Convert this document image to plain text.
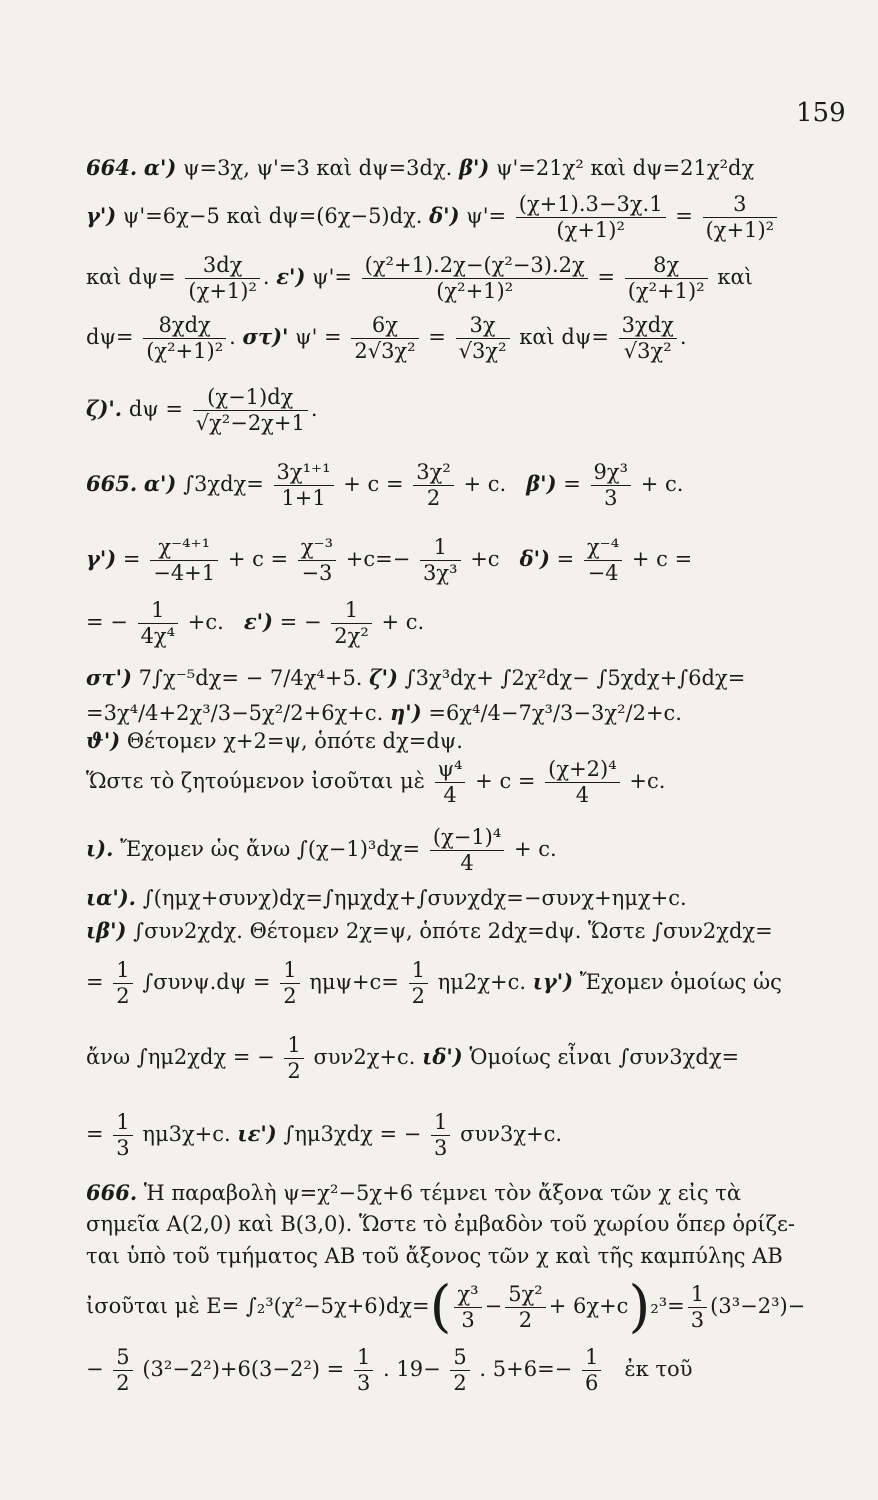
159
664. α') ψ=3χ, ψ'=3 καὶ dψ=3dχ. β') ψ'=21χ² καὶ dψ=21χ²dχ
γ') ψ'=6χ−5 καὶ dψ=(6χ−5)dχ. δ') $\psi'= \frac{(\chi+1).3-3\chi.1}{\text{(χ+1)²}} = \frac{3}{\text{(χ+1)²}}$
καὶ $d\psi= \frac{3d\chi}{\text{(χ+1)²}}$ . ε') $\psi'= \frac{\text{(χ²+1).2χ−(χ²−3).2χ}}{\text{(χ²+1)²}} = \frac{8\chi}{\text{(χ²+1)²}}$ καὶ
$d\psi= \frac{\text{8χdχ}}{\text{(χ²+1)²}}$ . στ)' $\psi' = \frac{6\chi}{\text{2√3χ²}} = \frac{3\chi}{\text{√3χ²}}$ καὶ $d\psi= \frac{\text{3χdχ}}{\text{√3χ²}}$ .
ζ)'. $d\psi = \frac{(\chi-1)d\chi}{\text{√χ²−2χ+1}}$ .
665. α') $\int 3\chi d\chi= \frac{\text{3χ¹⁺¹}}{1+1} + c = \frac{\text{3χ²}}{2} + c$. $\beta') = \frac{\text{9χ³}}{3} + c$.
$\gamma') = \frac{\text{χ⁻⁴⁺¹}}{-4+1} + c = \frac{\text{χ⁻³}}{-3} +c=- \frac{1}{\text{3χ³}} +c$ $\delta') = \frac{\text{χ⁻⁴}}{-4} + c$ =
= − $\frac{1}{\text{4χ⁴}} +c$. ε') = − $\frac{1}{\text{2χ²}} + c$.
στ') 7∫χ⁻⁵dχ= − 7/4χ⁴+5. ζ') ∫3χ³dχ+ ∫2χ²dχ− ∫5χdχ+∫6dχ=
=3χ⁴/4+2χ³/3−5χ²/2+6χ+c. η') =6χ⁴/4−7χ³/3−3χ²/2+c.
ϑ') Θέτομεν χ+2=ψ, ὁπότε dχ=dψ.
Ὥστε τὸ ζητούμενον ἰσοῦται μὲ $\frac{\text{ψ⁴}}{4} + c = \frac{\text{(χ+2)⁴}}{4} +c$.
ι). Ἔχομεν ὡς ἄνω $\int(\chi-1)^3d\chi= \frac{\text{(χ−1)⁴}}{4} + c$.
ια'). ∫(ημχ+συνχ)dχ=∫ημχdχ+∫συνχdχ=−συνχ+ημχ+c.
ιβ') ∫συν2χdχ. Θέτομεν 2χ=ψ, ὁπότε 2dχ=dψ. Ὥστε ∫συν2χdχ=
= $\frac{1}{2} \int\sigma\upsilon\nu\psi.d\psi = \frac{1}{2} \eta\mu\psi+c= \frac{1}{2} \eta\mu 2\chi+c$. ιγ') Ἔχομεν ὁμοίως ὡς
ἄνω ∫ημ2χdχ = − $\frac{1}{2} \sigma\upsilon\nu 2\chi+c$. ιδ') Ὁμοίως εἶναι ∫συν3χdχ=
= $\frac{1}{3} \eta\mu 3\chi+c$. ιε') ∫ημ3χdχ = − $\frac{1}{3} \sigma\upsilon\nu 3\chi+c$.
666. Ἡ παραβολὴ ψ=χ²−5χ+6 τέμνει τὸν ἄξονα τῶν χ εἰς τὰ
σημεῖα Α(2,0) καὶ Β(3,0). Ὥστε τὸ ἐμβαδὸν τοῦ χωρίου ὅπερ ὁρίζε-
ται ὑπὸ τοῦ τμήματος ΑΒ τοῦ ἄξονος τῶν χ καὶ τῆς καμπύλης ΑΒ
ἰσοῦται μὲ $E= \int_2^3(\chi^2-5\chi+6)d\chi=( \frac{\text{χ³}}{3} - \frac{\text{5χ²}}{2} + 6\chi+c)_2^3= \frac{1}{3} (3^3-2^3)-$
− $\frac{5}{2} (3^2-2^2)+6(3-2^2) = \frac{1}{3}$ . $19- \frac{5}{2}$ . $5+6=- \frac{1}{6}$ ἐκ τοῦ
